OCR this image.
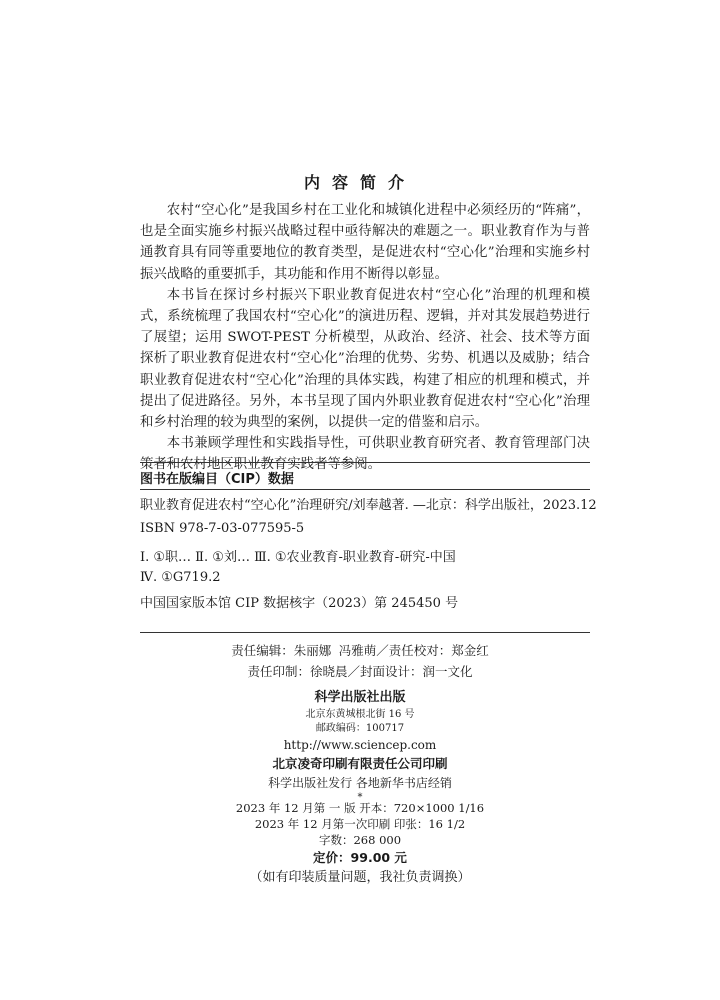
内容简介

农村“空心化”是我国乡村在工业化和城镇化进程中必须经历的“阵痛”，也是全面实施乡村振兴战略过程中亟待解决的难题之一。职业教育作为与普通教育具有同等重要地位的教育类型，是促进农村“空心化”治理和实施乡村振兴战略的重要抓手，其功能和作用不断得以彰显。

本书旨在探讨乡村振兴下职业教育促进农村“空心化”治理的机理和模式，系统梳理了我国农村“空心化”的演进历程、逻辑，并对其发展趋势进行了展望；运用 SWOT-PEST 分析模型，从政治、经济、社会、技术等方面探析了职业教育促进农村“空心化”治理的优势、劣势、机遇以及威胁；结合职业教育促进农村“空心化”治理的具体实践，构建了相应的机理和模式，并提出了促进路径。另外，本书呈现了国内外职业教育促进农村“空心化”治理和乡村治理的较为典型的案例，以提供一定的借鉴和启示。

本书兼顾学理性和实践指导性，可供职业教育研究者、教育管理部门决策者和农村地区职业教育实践者等参阅。

图书在版编目（CIP）数据

职业教育促进农村“空心化”治理研究/刘奉越著. —北京：科学出版社，2023.12

ISBN 978-7-03-077595-5

Ⅰ. ①职… Ⅱ. ①刘… Ⅲ. ①农业教育-职业教育-研究-中国

Ⅳ. ①G719.2

中国国家版本馆 CIP 数据核字（2023）第 245450 号

责任编辑：朱丽娜 冯雅萌／责任校对：郑金红

责任印制：徐晓晨／封面设计：润一文化

科学出版社出版

北京东黄城根北街 16 号

邮政编码：100717

http://www.sciencep.com

北京凌奇印刷有限责任公司印刷

科学出版社发行 各地新华书店经销

*

2023 年 12 月第 一 版 开本：720×1000 1/16

2023 年 12 月第一次印刷 印张：16 1/2

字数：268 000

定价：99.00 元

（如有印装质量问题，我社负责调换）
